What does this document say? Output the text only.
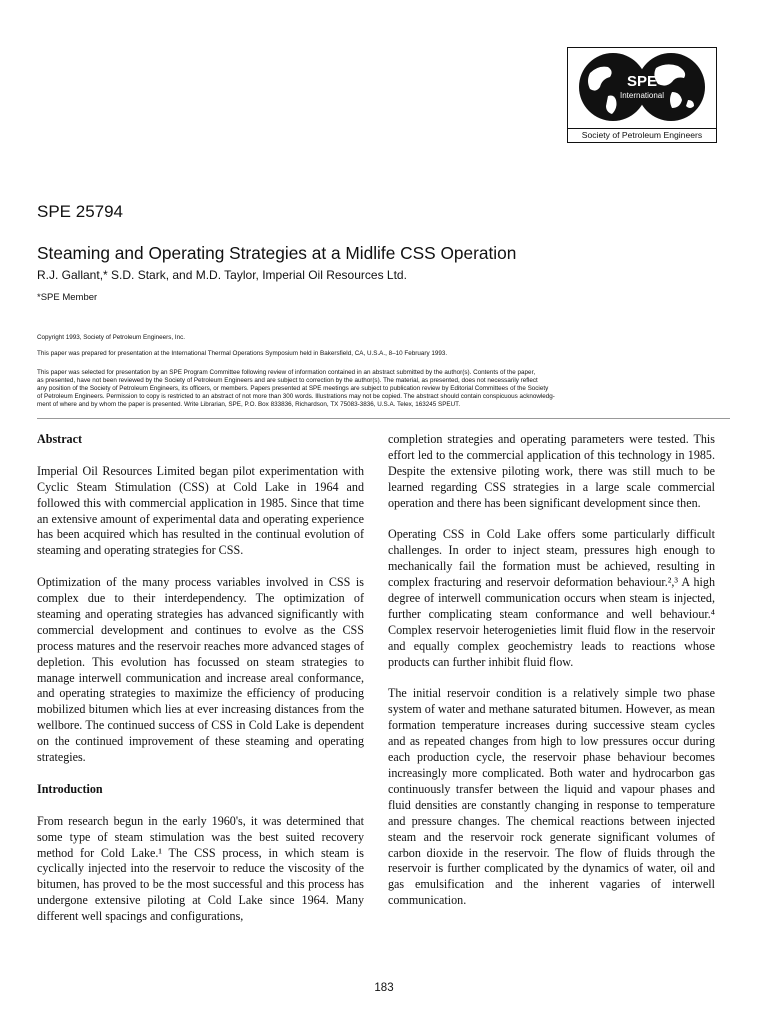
SPE
International
Society of Petroleum Engineers
SPE 25794
Steaming and Operating Strategies at a Midlife CSS Operation
R.J. Gallant,* S.D. Stark, and M.D. Taylor, Imperial Oil Resources Ltd.
*SPE Member
Copyright 1993, Society of Petroleum Engineers, Inc.
This paper was prepared for presentation at the International Thermal Operations Symposium held in Bakersfield, CA, U.S.A., 8–10 February 1993.
This paper was selected for presentation by an SPE Program Committee following review of information contained in an abstract submitted by the author(s). Contents of the paper,
as presented, have not been reviewed by the Society of Petroleum Engineers and are subject to correction by the author(s). The material, as presented, does not necessarily reflect
any position of the Society of Petroleum Engineers, its officers, or members. Papers presented at SPE meetings are subject to publication review by Editorial Committees of the Society
of Petroleum Engineers. Permission to copy is restricted to an abstract of not more than 300 words. Illustrations may not be copied. The abstract should contain conspicuous acknowledg-
ment of where and by whom the paper is presented. Write Librarian, SPE, P.O. Box 833836, Richardson, TX 75083-3836, U.S.A. Telex, 163245 SPEUT.
Abstract

Imperial Oil Resources Limited began pilot experimentation with Cyclic Steam Stimulation (CSS) at Cold Lake in 1964 and followed this with commercial application in 1985. Since that time an extensive amount of experimental data and operating experience has been acquired which has resulted in the continual evolution of steaming and operating strategies for CSS.

Optimization of the many process variables involved in CSS is complex due to their interdependency. The optimization of steaming and operating strategies has advanced significantly with commercial development and continues to evolve as the CSS process matures and the reservoir reaches more advanced stages of depletion. This evolution has focussed on steam strategies to manage interwell communication and increase areal conformance, and operating strategies to maximize the efficiency of producing mobilized bitumen which lies at ever increasing distances from the wellbore. The continued success of CSS in Cold Lake is dependent on the continued improvement of these steaming and operating strategies.

Introduction

From research begun in the early 1960's, it was determined that some type of steam stimulation was the best suited recovery method for Cold Lake.¹ The CSS process, in which steam is cyclically injected into the reservoir to reduce the viscosity of the bitumen, has proved to be the most successful and this process has undergone extensive piloting at Cold Lake since 1964. Many different well spacings and configurations,

completion strategies and operating parameters were tested. This effort led to the commercial application of this technology in 1985. Despite the extensive piloting work, there was still much to be learned regarding CSS strategies in a large scale commercial operation and there has been significant development since then.

Operating CSS in Cold Lake offers some particularly difficult challenges. In order to inject steam, pressures high enough to mechanically fail the formation must be achieved, resulting in complex fracturing and reservoir deformation behaviour.²,³ A high degree of interwell communication occurs when steam is injected, further complicating steam conformance and well behaviour.⁴ Complex reservoir heterogenieties limit fluid flow in the reservoir and equally complex geochemistry leads to reactions whose products can further inhibit fluid flow.

The initial reservoir condition is a relatively simple two phase system of water and methane saturated bitumen. However, as mean formation temperature increases during successive steam cycles and as repeated changes from high to low pressures occur during each production cycle, the reservoir phase behaviour becomes increasingly more complicated. Both water and hydrocarbon gas continuously transfer between the liquid and vapour phases and fluid densities are constantly changing in response to temperature and pressure changes. The chemical reactions between injected steam and the reservoir rock generate significant volumes of carbon dioxide in the reservoir. The flow of fluids through the reservoir is further complicated by the dynamics of water, oil and gas emulsification and the inherent vagaries of interwell communication.

183
